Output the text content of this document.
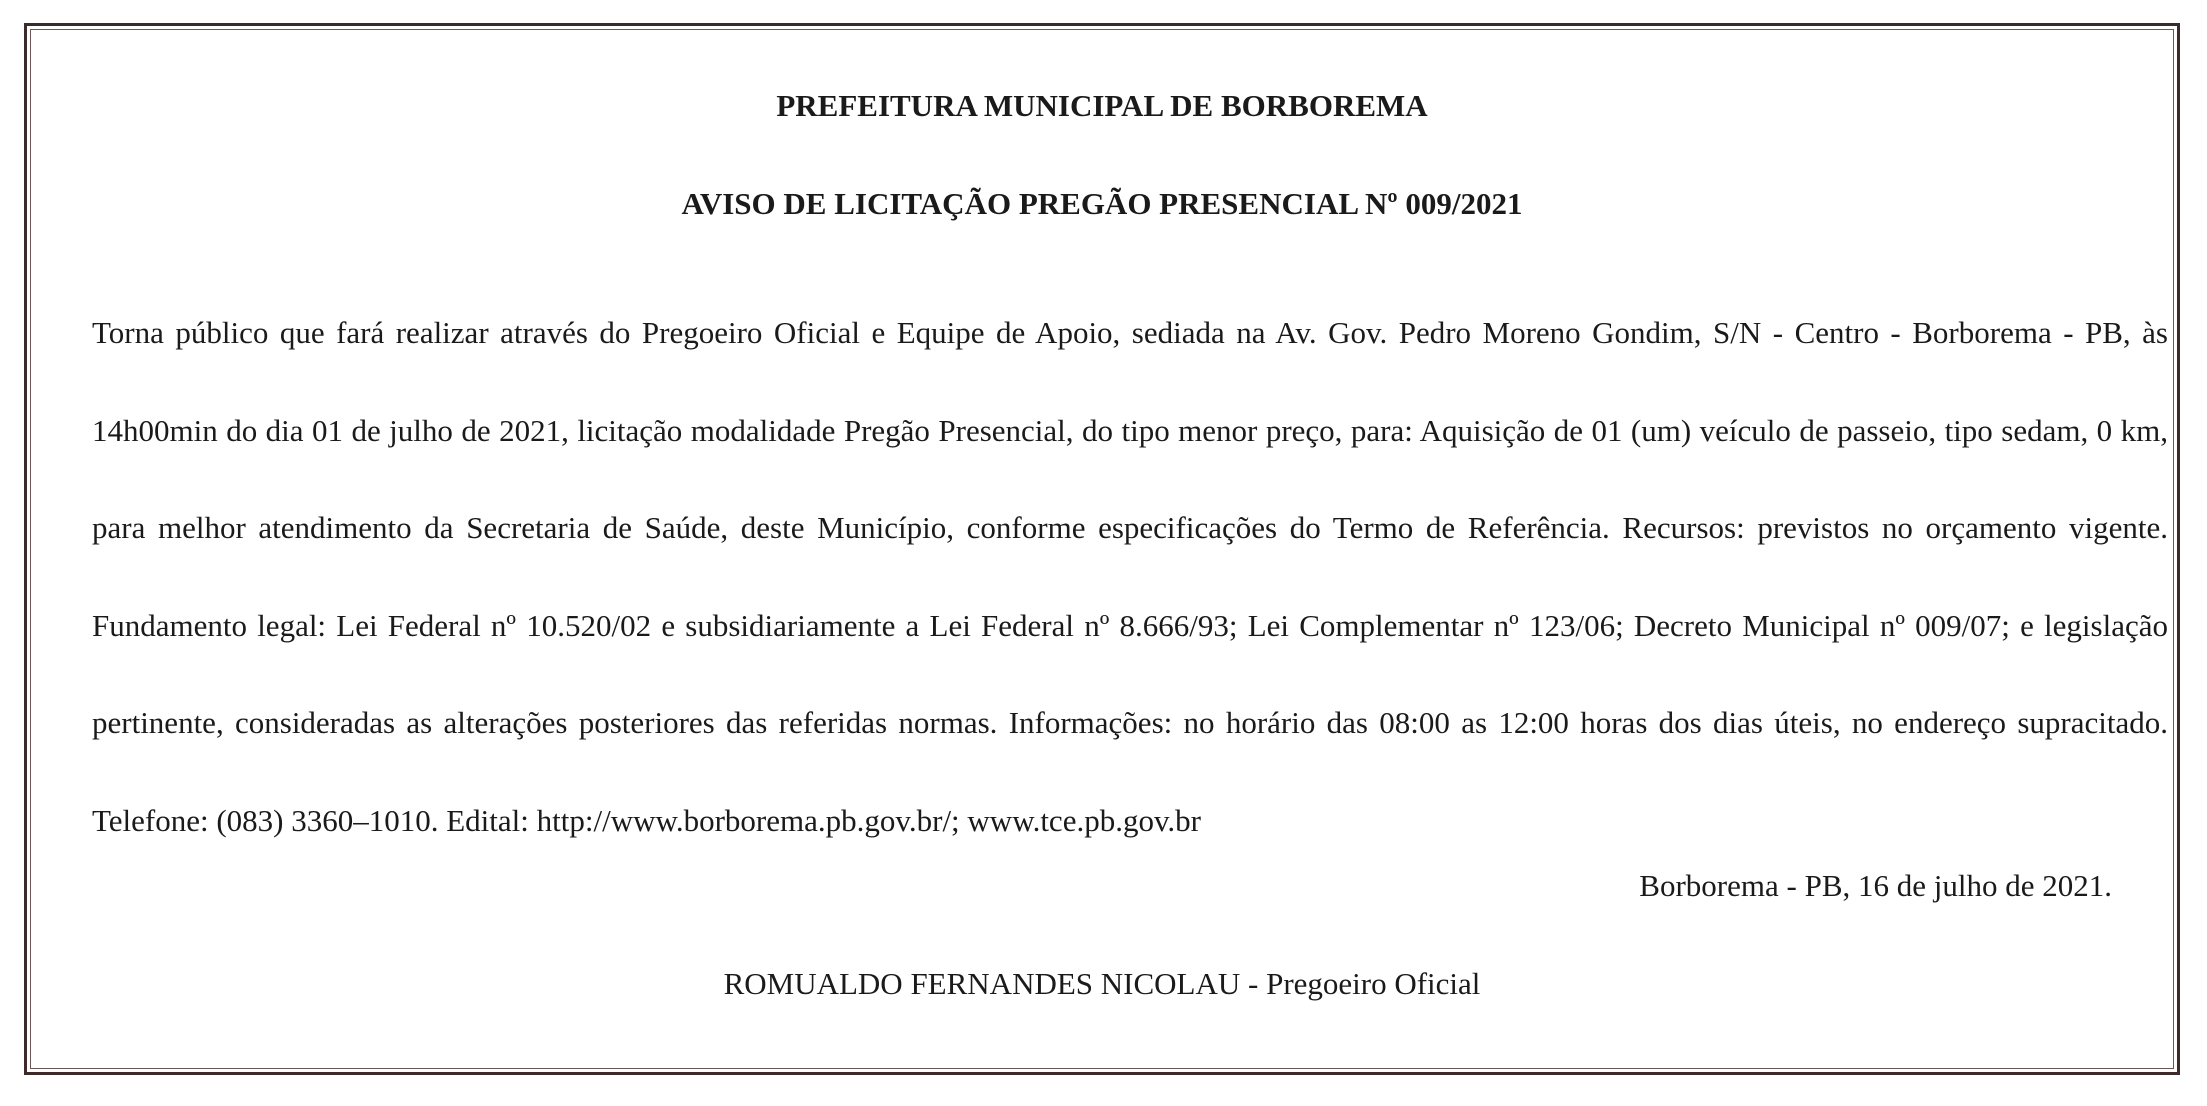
PREFEITURA MUNICIPAL DE BORBOREMA
AVISO DE LICITAÇÃO PREGÃO PRESENCIAL Nº 009/2021

Torna público que fará realizar através do Pregoeiro Oficial e Equipe de Apoio, sediada na Av. Gov. Pedro Moreno Gondim, S/N - Centro - Borborema - PB, às 14h00min do dia 01 de julho de 2021, licitação modalidade Pregão Presencial, do tipo menor preço, para: Aquisição de 01 (um) veículo de passeio, tipo sedam, 0 km, para melhor atendimento da Secretaria de Saúde, deste Município, conforme especificações do Termo de Referência. Recursos: previstos no orçamento vigente. Fundamento legal: Lei Federal nº 10.520/02 e subsidiariamente a Lei Federal nº 8.666/93; Lei Complementar nº 123/06; Decreto Municipal nº 009/07; e legislação pertinente, consideradas as alterações posteriores das referidas normas. Informações: no horário das 08:00 as 12:00 horas dos dias úteis, no endereço supracitado. Telefone: (083) 3360–1010. Edital: http://www.borborema.pb.gov.br/; www.tce.pb.gov.br

Borborema - PB, 16 de julho de 2021.

ROMUALDO FERNANDES NICOLAU - Pregoeiro Oficial
